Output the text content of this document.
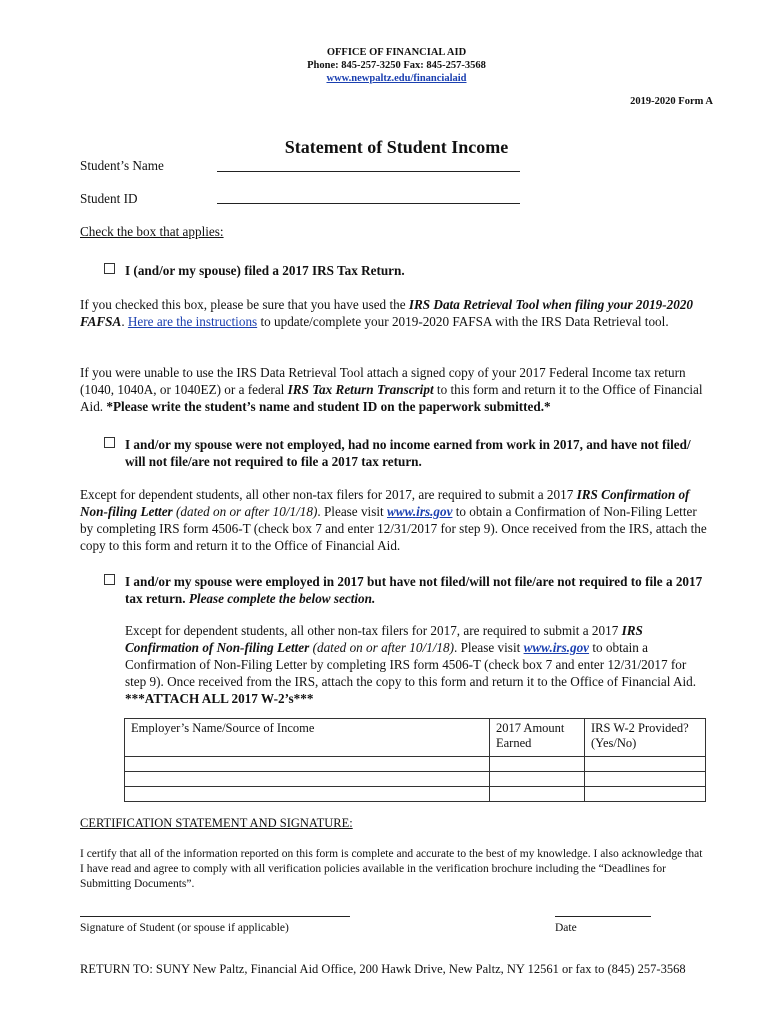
OFFICE OF FINANCIAL AID
Phone: 845-257-3250 Fax: 845-257-3568
www.newpaltz.edu/financialaid
2019-2020 Form A
Statement of Student Income
Student’s Name
Student ID
Check the box that applies:
I (and/or my spouse) filed a 2017 IRS Tax Return.
If you checked this box, please be sure that you have used the IRS Data Retrieval Tool when filing your 2019-2020 FAFSA. Here are the instructions to update/complete your 2019-2020 FAFSA with the IRS Data Retrieval tool.
If you were unable to use the IRS Data Retrieval Tool attach a signed copy of your 2017 Federal Income tax return (1040, 1040A, or 1040EZ) or a federal IRS Tax Return Transcript to this form and return it to the Office of Financial Aid. *Please write the student’s name and student ID on the paperwork submitted.*
I and/or my spouse were not employed, had no income earned from work in 2017, and have not filed/ will not file/are not required to file a 2017 tax return.
Except for dependent students, all other non-tax filers for 2017, are required to submit a 2017 IRS Confirmation of Non-filing Letter (dated on or after 10/1/18). Please visit www.irs.gov to obtain a Confirmation of Non-Filing Letter by completing IRS form 4506-T (check box 7 and enter 12/31/2017 for step 9). Once received from the IRS, attach the copy to this form and return it to the Office of Financial Aid.
I and/or my spouse were employed in 2017 but have not filed/will not file/are not required to file a 2017 tax return. Please complete the below section.
Except for dependent students, all other non-tax filers for 2017, are required to submit a 2017 IRS Confirmation of Non-filing Letter (dated on or after 10/1/18). Please visit www.irs.gov to obtain a Confirmation of Non-Filing Letter by completing IRS form 4506-T (check box 7 and enter 12/31/2017 for step 9). Once received from the IRS, attach the copy to this form and return it to the Office of Financial Aid. ***ATTACH ALL 2017 W-2’s***
Employer’s Name/Source of Income	2017 Amount Earned	IRS W-2 Provided? (Yes/No)

CERTIFICATION STATEMENT AND SIGNATURE:
I certify that all of the information reported on this form is complete and accurate to the best of my knowledge. I also acknowledge that I have read and agree to comply with all verification policies available in the verification brochure including the “Deadlines for Submitting Documents”.
Signature of Student (or spouse if applicable)	Date
RETURN TO: SUNY New Paltz, Financial Aid Office, 200 Hawk Drive, New Paltz, NY 12561 or fax to (845) 257-3568
